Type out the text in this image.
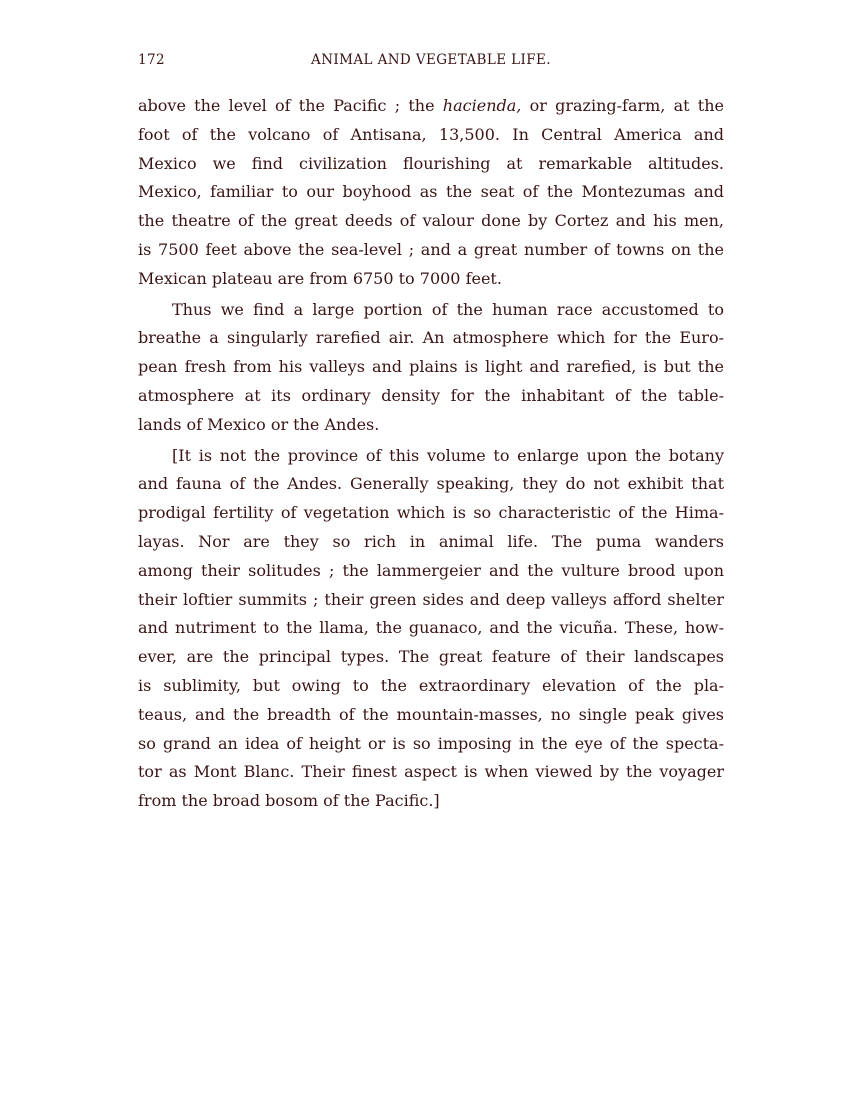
172	ANIMAL AND VEGETABLE LIFE.

above the level of the Pacific ; the hacienda, or grazing-farm, at the
foot of the volcano of Antisana, 13,500. In Central America and
Mexico we find civilization flourishing at remarkable altitudes.
Mexico, familiar to our boyhood as the seat of the Montezumas and
the theatre of the great deeds of valour done by Cortez and his men,
is 7500 feet above the sea-level ; and a great number of towns on the
Mexican plateau are from 6750 to 7000 feet.

Thus we find a large portion of the human race accustomed to
breathe a singularly rarefied air. An atmosphere which for the Euro-
pean fresh from his valleys and plains is light and rarefied, is but the
atmosphere at its ordinary density for the inhabitant of the table-
lands of Mexico or the Andes.

[It is not the province of this volume to enlarge upon the botany
and fauna of the Andes. Generally speaking, they do not exhibit that
prodigal fertility of vegetation which is so characteristic of the Hima-
layas. Nor are they so rich in animal life. The puma wanders
among their solitudes ; the lammergeier and the vulture brood upon
their loftier summits ; their green sides and deep valleys afford shelter
and nutriment to the llama, the guanaco, and the vicuña. These, how-
ever, are the principal types. The great feature of their landscapes
is sublimity, but owing to the extraordinary elevation of the pla-
teaus, and the breadth of the mountain-masses, no single peak gives
so grand an idea of height or is so imposing in the eye of the specta-
tor as Mont Blanc. Their finest aspect is when viewed by the voyager
from the broad bosom of the Pacific.]
